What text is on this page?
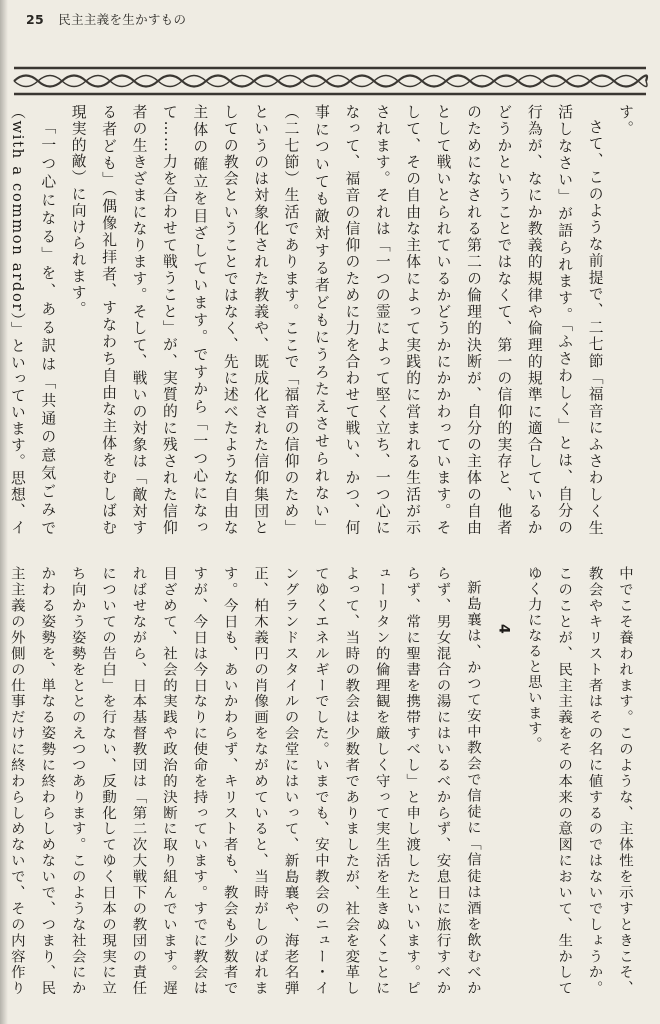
25 民主主義を生かすもの

す。

さて、このような前提で、二七節「福音にふさわしく生活しなさい」が語られます。「ふさわしく」とは、自分の行為が、なにか教義的規律や倫理的規準に適合しているかどうかということではなくて、第一の信仰的実存と、他者のためになされる第二の倫理的決断が、自分の主体の自由として戦いとられているかどうかにかかわっています。そして、その自由な主体によって実践的に営まれる生活が示されます。それは「一つの霊によって堅く立ち、一つ心になって、福音の信仰のために力を合わせて戦い、かつ、何事についても敵対する者どもにうろたえさせられない」（二七節）生活であります。ここで「福音の信仰のため」というのは対象化された教義や、既成化された信仰集団としての教会ということではなく、先に述べたような自由な主体の確立を目ざしています。ですから「一つ心になって……力を合わせて戦うこと」が、実質的に残された信仰者の生きざまになります。そして、戦いの対象は「敵対する者ども」（偶像礼拝者、すなわち自由な主体をむしばむ現実的敵）に向けられます。

「一つ心になる」を、ある訳は「共通の意気ごみで（with a common ardor）」といっています。思想、イ

中でこそ養われます。このような、主体性を示すときこそ、教会やキリスト者はその名に値するのではないでしょうか。このことが、民主主義をその本来の意図において、生かしてゆく力になると思います。

4

新島襄は、かつて安中教会で信徒に「信徒は酒を飲むべからず、男女混合の湯にはいるべからず、安息日に旅行すべからず、常に聖書を携帯すべし」と申し渡したといいます。ピューリタン的倫理観を厳しく守って実生活を生きぬくことによって、当時の教会は少数者でありましたが、社会を変革してゆくエネルギーでした。いまでも、安中教会のニュー・イングランドスタイルの会堂にはいって、新島襄や、海老名弾正、柏木義円の肖像画をながめていると、当時がしのばれます。今日も、あいかわらず、キリスト者も、教会も少数者ですが、今日は今日なりに使命を持っています。すでに教会は目ざめて、社会的実践や政治的決断に取り組んでいます。遅ればせながら、日本基督教団は「第二次大戦下の教団の責任についての告白」を行ない、反動化してゆく日本の現実に立ち向かう姿勢をととのえつつあります。このような社会にかかわる姿勢を、単なる姿勢に終わらしめないで、つまり、民主主義の外側の仕事だけに終わらしめないで、その内容作り
